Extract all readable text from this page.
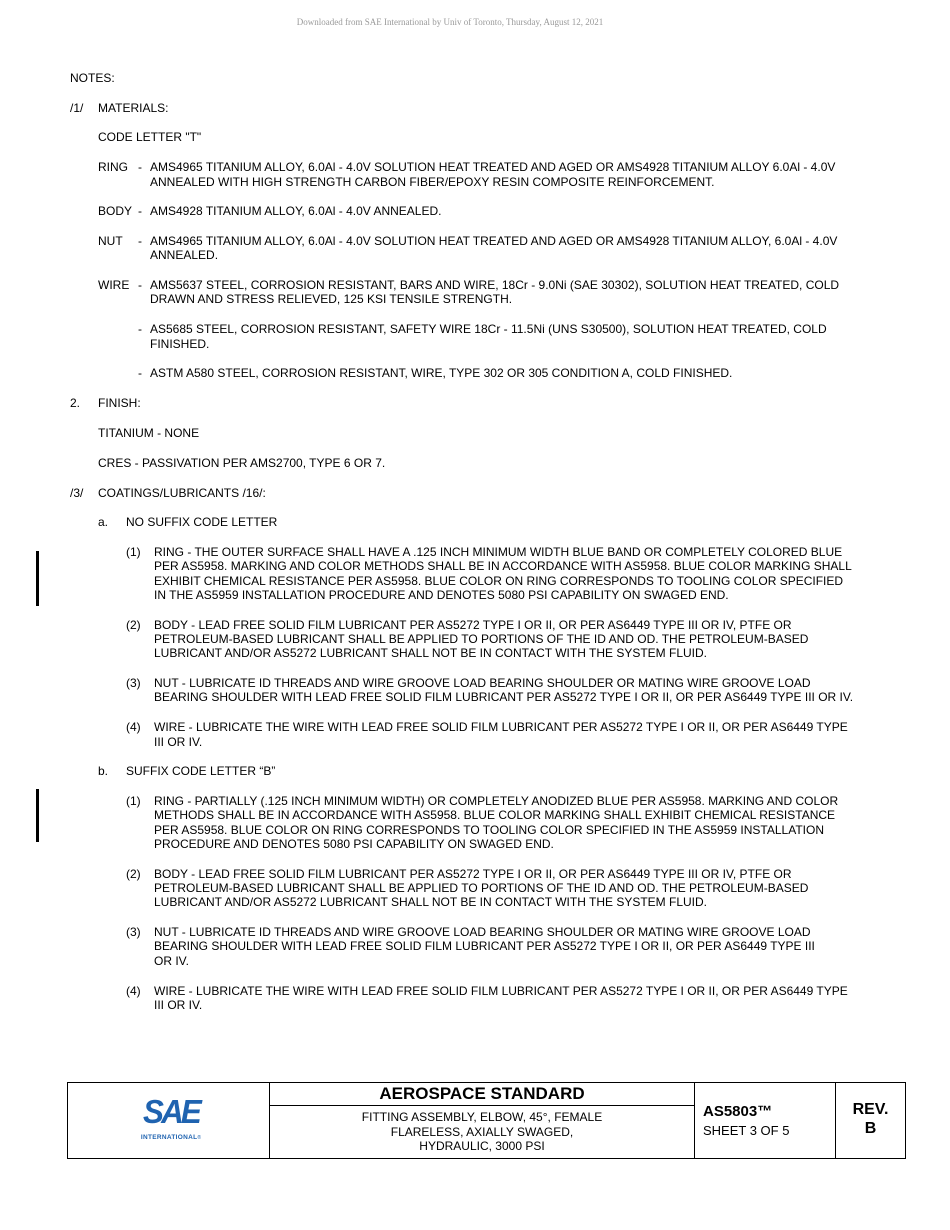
Downloaded from SAE International by Univ of Toronto, Thursday, August 12, 2021
NOTES:
/1/ MATERIALS:
CODE LETTER "T"
RING - AMS4965 TITANIUM ALLOY, 6.0Al - 4.0V SOLUTION HEAT TREATED AND AGED OR AMS4928 TITANIUM ALLOY 6.0Al - 4.0V
ANNEALED WITH HIGH STRENGTH CARBON FIBER/EPOXY RESIN COMPOSITE REINFORCEMENT.
BODY - AMS4928 TITANIUM ALLOY, 6.0Al - 4.0V ANNEALED.
NUT - AMS4965 TITANIUM ALLOY, 6.0Al - 4.0V SOLUTION HEAT TREATED AND AGED OR AMS4928 TITANIUM ALLOY, 6.0Al - 4.0V
ANNEALED.
WIRE - AMS5637 STEEL, CORROSION RESISTANT, BARS AND WIRE, 18Cr - 9.0Ni (SAE 30302), SOLUTION HEAT TREATED, COLD
DRAWN AND STRESS RELIEVED, 125 KSI TENSILE STRENGTH.
- AS5685 STEEL, CORROSION RESISTANT, SAFETY WIRE 18Cr - 11.5Ni (UNS S30500), SOLUTION HEAT TREATED, COLD
FINISHED.
- ASTM A580 STEEL, CORROSION RESISTANT, WIRE, TYPE 302 OR 305 CONDITION A, COLD FINISHED.
2. FINISH:
TITANIUM - NONE
CRES - PASSIVATION PER AMS2700, TYPE 6 OR 7.
/3/ COATINGS/LUBRICANTS /16/:
a. NO SUFFIX CODE LETTER
(1) RING - THE OUTER SURFACE SHALL HAVE A .125 INCH MINIMUM WIDTH BLUE BAND OR COMPLETELY COLORED BLUE
PER AS5958. MARKING AND COLOR METHODS SHALL BE IN ACCORDANCE WITH AS5958. BLUE COLOR MARKING SHALL
EXHIBIT CHEMICAL RESISTANCE PER AS5958. BLUE COLOR ON RING CORRESPONDS TO TOOLING COLOR SPECIFIED
IN THE AS5959 INSTALLATION PROCEDURE AND DENOTES 5080 PSI CAPABILITY ON SWAGED END.
(2) BODY - LEAD FREE SOLID FILM LUBRICANT PER AS5272 TYPE I OR II, OR PER AS6449 TYPE III OR IV, PTFE OR
PETROLEUM-BASED LUBRICANT SHALL BE APPLIED TO PORTIONS OF THE ID AND OD. THE PETROLEUM-BASED
LUBRICANT AND/OR AS5272 LUBRICANT SHALL NOT BE IN CONTACT WITH THE SYSTEM FLUID.
(3) NUT - LUBRICATE ID THREADS AND WIRE GROOVE LOAD BEARING SHOULDER OR MATING WIRE GROOVE LOAD
BEARING SHOULDER WITH LEAD FREE SOLID FILM LUBRICANT PER AS5272 TYPE I OR II, OR PER AS6449 TYPE III OR IV.
(4) WIRE - LUBRICATE THE WIRE WITH LEAD FREE SOLID FILM LUBRICANT PER AS5272 TYPE I OR II, OR PER AS6449 TYPE
III OR IV.
b. SUFFIX CODE LETTER “B”
(1) RING - PARTIALLY (.125 INCH MINIMUM WIDTH) OR COMPLETELY ANODIZED BLUE PER AS5958. MARKING AND COLOR
METHODS SHALL BE IN ACCORDANCE WITH AS5958. BLUE COLOR MARKING SHALL EXHIBIT CHEMICAL RESISTANCE
PER AS5958. BLUE COLOR ON RING CORRESPONDS TO TOOLING COLOR SPECIFIED IN THE AS5959 INSTALLATION
PROCEDURE AND DENOTES 5080 PSI CAPABILITY ON SWAGED END.
(2) BODY - LEAD FREE SOLID FILM LUBRICANT PER AS5272 TYPE I OR II, OR PER AS6449 TYPE III OR IV, PTFE OR
PETROLEUM-BASED LUBRICANT SHALL BE APPLIED TO PORTIONS OF THE ID AND OD. THE PETROLEUM-BASED
LUBRICANT AND/OR AS5272 LUBRICANT SHALL NOT BE IN CONTACT WITH THE SYSTEM FLUID.
(3) NUT - LUBRICATE ID THREADS AND WIRE GROOVE LOAD BEARING SHOULDER OR MATING WIRE GROOVE LOAD
BEARING SHOULDER WITH LEAD FREE SOLID FILM LUBRICANT PER AS5272 TYPE I OR II, OR PER AS6449 TYPE III
OR IV.
(4) WIRE - LUBRICATE THE WIRE WITH LEAD FREE SOLID FILM LUBRICANT PER AS5272 TYPE I OR II, OR PER AS6449 TYPE
III OR IV.
SAE
INTERNATIONAL®
AEROSPACE STANDARD
FITTING ASSEMBLY, ELBOW, 45°, FEMALE
FLARELESS, AXIALLY SWAGED,
HYDRAULIC, 3000 PSI
AS5803™
SHEET 3 OF 5
REV.
B
